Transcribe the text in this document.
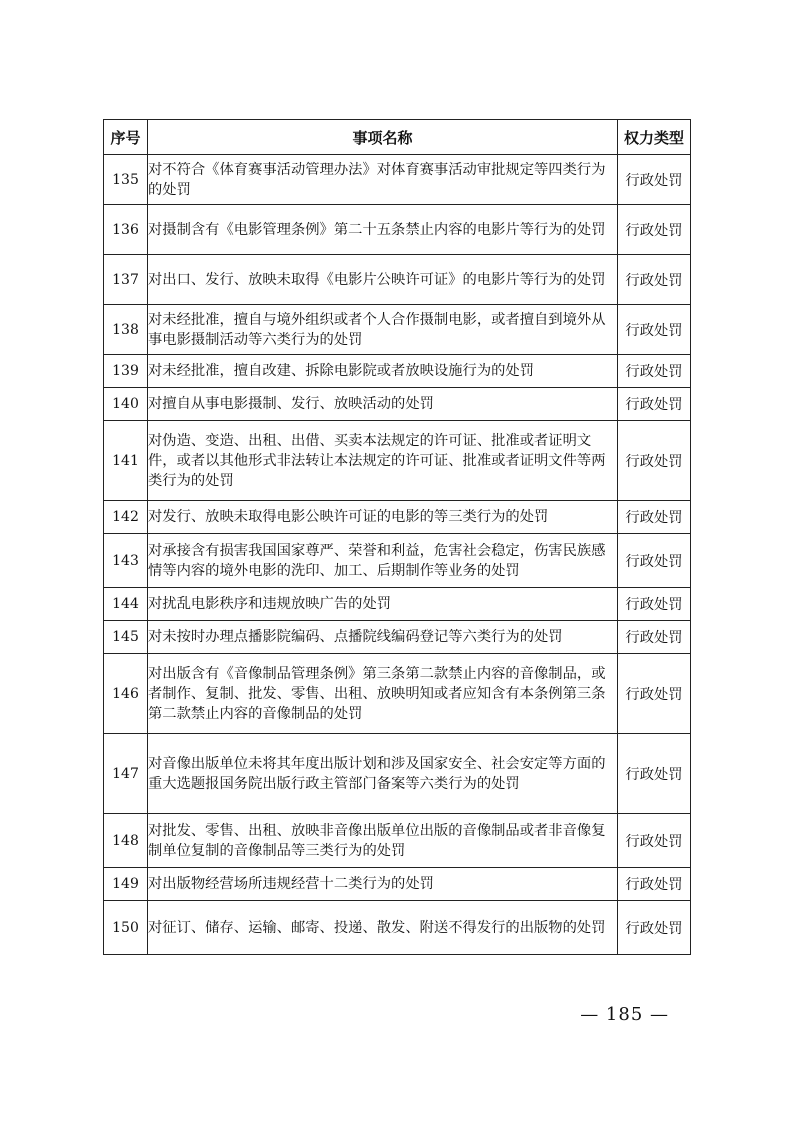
序号	事项名称	权力类型
135	对不符合《体育赛事活动管理办法》对体育赛事活动审批规定等四类行为的处罚	行政处罚
136	对摄制含有《电影管理条例》第二十五条禁止内容的电影片等行为的处罚	行政处罚
137	对出口、发行、放映未取得《电影片公映许可证》的电影片等行为的处罚	行政处罚
138	对未经批准，擅自与境外组织或者个人合作摄制电影，或者擅自到境外从事电影摄制活动等六类行为的处罚	行政处罚
139	对未经批准，擅自改建、拆除电影院或者放映设施行为的处罚	行政处罚
140	对擅自从事电影摄制、发行、放映活动的处罚	行政处罚
141	对伪造、变造、出租、出借、买卖本法规定的许可证、批准或者证明文件，或者以其他形式非法转让本法规定的许可证、批准或者证明文件等两类行为的处罚	行政处罚
142	对发行、放映未取得电影公映许可证的电影的等三类行为的处罚	行政处罚
143	对承接含有损害我国国家尊严、荣誉和利益，危害社会稳定，伤害民族感情等内容的境外电影的洗印、加工、后期制作等业务的处罚	行政处罚
144	对扰乱电影秩序和违规放映广告的处罚	行政处罚
145	对未按时办理点播影院编码、点播院线编码登记等六类行为的处罚	行政处罚
146	对出版含有《音像制品管理条例》第三条第二款禁止内容的音像制品，或者制作、复制、批发、零售、出租、放映明知或者应知含有本条例第三条第二款禁止内容的音像制品的处罚	行政处罚
147	对音像出版单位未将其年度出版计划和涉及国家安全、社会安定等方面的重大选题报国务院出版行政主管部门备案等六类行为的处罚	行政处罚
148	对批发、零售、出租、放映非音像出版单位出版的音像制品或者非音像复制单位复制的音像制品等三类行为的处罚	行政处罚
149	对出版物经营场所违规经营十二类行为的处罚	行政处罚
150	对征订、储存、运输、邮寄、投递、散发、附送不得发行的出版物的处罚	行政处罚
— 185 —
